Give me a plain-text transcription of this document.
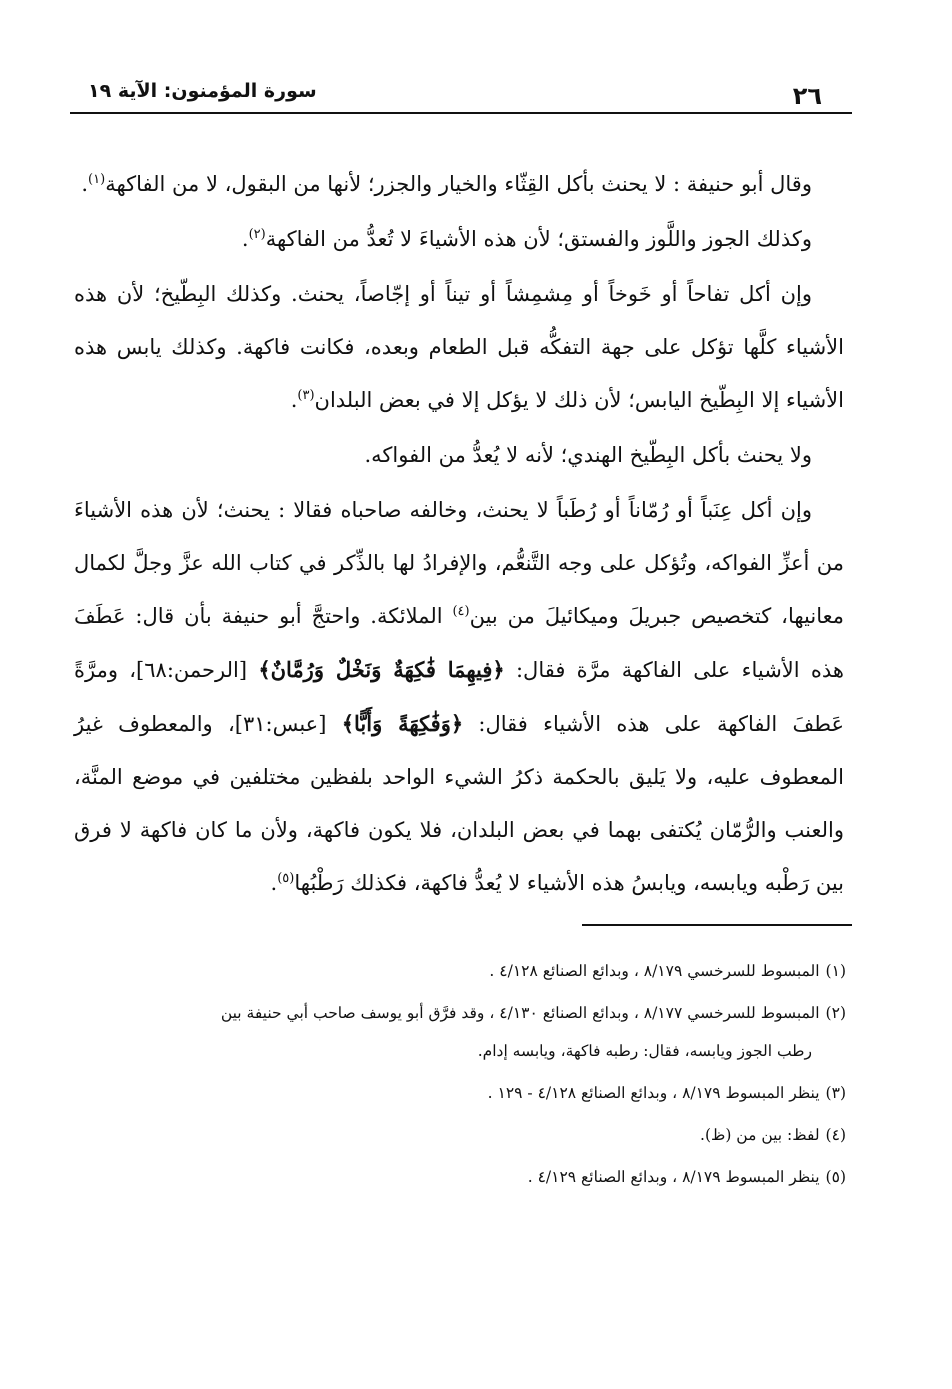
٢٦
سورة المؤمنون: الآية ١٩

وقال أبو حنيفة : لا يحنث بأكل القِثّاء والخيار والجزر؛ لأنها من البقول، لا من الفاكهة$^{(١)}$.

وكذلك الجوز واللَّوز والفستق؛ لأن هذه الأشياءَ لا تُعدُّ من الفاكهة$^{(٢)}$.

وإن أكل تفاحاً أو خَوخاً أو مِشمِشاً أو تيناً أو إجّاصاً، يحنث. وكذلك البِطّيخ؛ لأن هذه الأشياء كلَّها تؤكل على جهة التفكُّه قبل الطعام وبعده، فكانت فاكهة. وكذلك يابس هذه الأشياء إلا البِطّيخ اليابس؛ لأن ذلك لا يؤكل إلا في بعض البلدان$^{(٣)}$.

ولا يحنث بأكل البِطّيخ الهندي؛ لأنه لا يُعدُّ من الفواكه.

وإن أكل عِنَباً أو رُمّاناً أو رُطَباً لا يحنث، وخالفه صاحباه فقالا : يحنث؛ لأن هذه الأشياءَ من أعزِّ الفواكه، وتُؤكل على وجه التَّنعُّم، والإفرادُ لها بالذِّكر في كتاب الله عزَّ وجلَّ لكمال معانيها، كتخصيص جبريلَ وميكائيلَ من بين$^{(٤)}$ الملائكة. واحتجَّ أبو حنيفة بأن قال: عَطَفَ هذه الأشياء على الفاكهة مرَّة فقال: ﴿فِيهِمَا فَٰكِهَةٌ وَنَخْلٌ وَرُمَّانٌ﴾ [الرحمن:٦٨]، ومرَّةً عَطفَ الفاكهة على هذه الأشياء فقال: ﴿وَفَٰكِهَةً وَأَبًّا﴾ [عبس:٣١]، والمعطوف غيرُ المعطوف عليه، ولا يَليق بالحكمة ذكرُ الشيء الواحد بلفظين مختلفين في موضع المنَّة، والعنب والرُّمّان يُكتفى بهما في بعض البلدان، فلا يكون فاكهة، ولأن ما كان فاكهة لا فرق بين رَطْبه ويابسه، ويابسُ هذه الأشياء لا يُعدُّ فاكهة، فكذلك رَطْبُها$^{(٥)}$.

(١)المبسوط للسرخسي ٨/١٧٩ ، وبدائع الصنائع ٤/١٢٨ .

(٢)المبسوط للسرخسي ٨/١٧٧ ، وبدائع الصنائع ٤/١٣٠ ، وقد فرَّق أبو يوسف صاحب أبي حنيفة بين
رطب الجوز ويابسه، فقال: رطبه فاكهة، ويابسه إدام.

(٣)ينظر المبسوط ٨/١٧٩ ، وبدائع الصنائع ٤/١٢٨ - ١٢٩ .

(٤)لفظ: بين من (ظ).

(٥)ينظر المبسوط ٨/١٧٩ ، وبدائع الصنائع ٤/١٢٩ .
